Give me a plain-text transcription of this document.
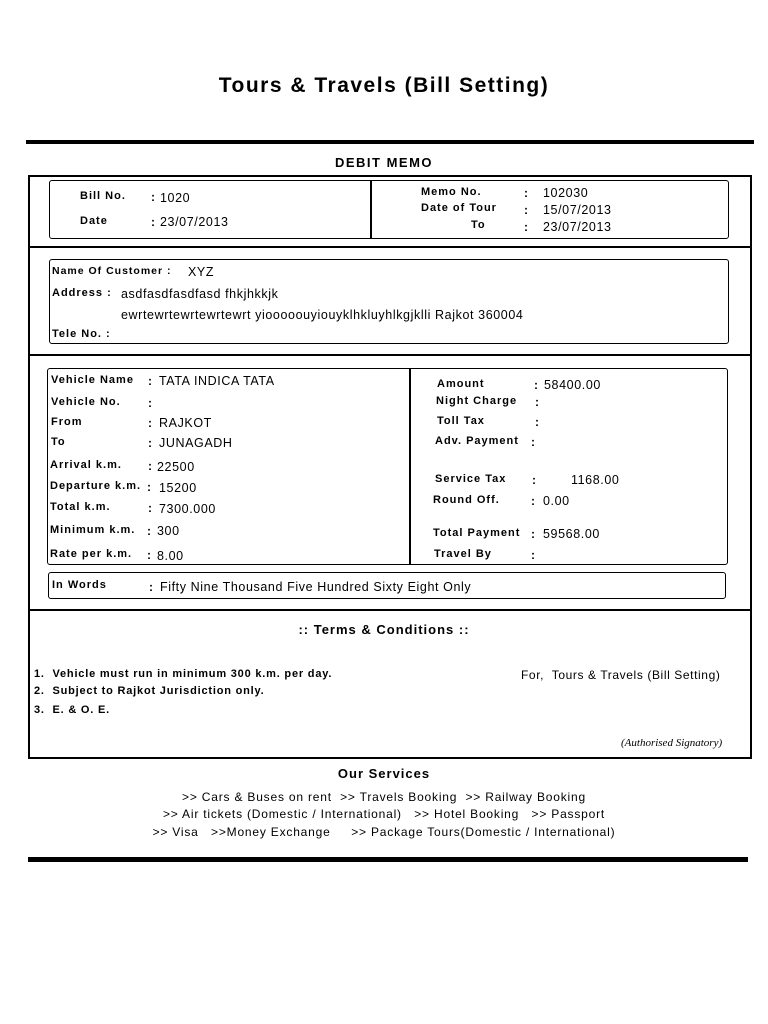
Tours & Travels (Bill Setting)
DEBIT MEMO
Bill No. : 1020
Date	: 23/07/2013
Memo No.	: 102030
Date of Tour : 15/07/2013
To	: 23/07/2013
Name Of Customer : XYZ
Address : asdfasdfasdfasd fhkjhkkjk
ewrtewrtewrtewrtewrt yiooooouyiouyklhkluyhlkgjklli Rajkot 360004
Tele No. :
Vehicle Name : TATA INDICA TATA
Vehicle No. :
From	: RAJKOT
To	: JUNAGADH
Arrival k.m. : 22500
Departure k.m. : 15200
Total k.m.	: 7300.000
Minimum k.m. : 300
Rate per k.m. : 8.00
Amount	: 58400.00
Night Charge :
Toll Tax	:
Adv. Payment :
Service Tax :	1168.00
Round Off.	: 0.00
Total Payment : 59568.00
Travel By	:
In Words	: Fifty Nine Thousand Five Hundred Sixty Eight Only
:: Terms & Conditions ::
1.  Vehicle must run in minimum 300 k.m. per day.
2.  Subject to Rajkot Jurisdiction only.
3.  E. & O. E.
For,  Tours & Travels (Bill Setting)
(Authorised Signatory)
Our Services
>> Cars & Buses on rent  >> Travels Booking  >> Railway Booking
>> Air tickets (Domestic / International)   >> Hotel Booking   >> Passport
>> Visa   >>Money Exchange     >> Package Tours(Domestic / International)
